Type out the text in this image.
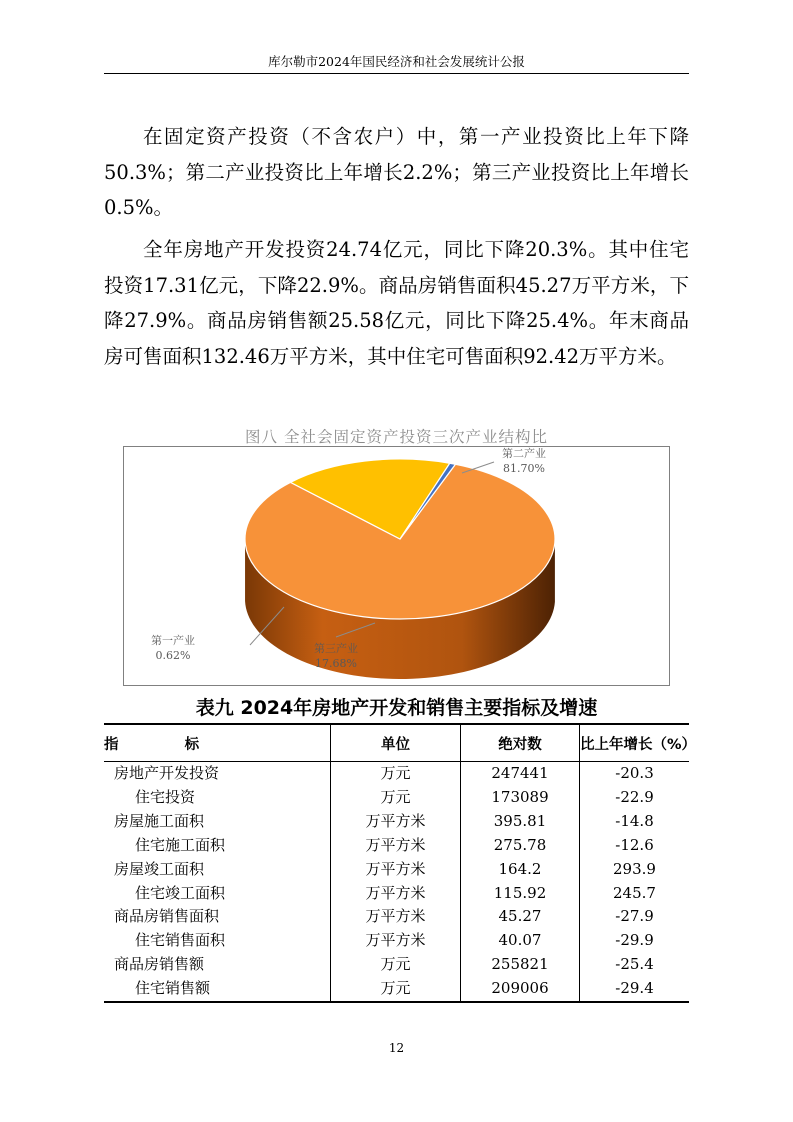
库尔勒市2024年国民经济和社会发展统计公报

在固定资产投资（不含农户）中，第一产业投资比上年下降50.3%；第二产业投资比上年增长2.2%；第三产业投资比上年增长0.5%。

全年房地产开发投资24.74亿元，同比下降20.3%。其中住宅投资17.31亿元，下降22.9%。商品房销售面积45.27万平方米，下降27.9%。商品房销售额25.58亿元，同比下降25.4%。年末商品房可售面积132.46万平方米，其中住宅可售面积92.42万平方米。

图八 全社会固定资产投资三次产业结构比
第二产业
81.70%
第三产业
17.68%
第一产业
0.62%
表九 2024年房地产开发和销售主要指标及增速
指 标	单位	绝对数	比上年增长（%）
房地产开发投资	万元	247441	-20.3
住宅投资	万元	173089	-22.9
房屋施工面积	万平方米	395.81	-14.8
住宅施工面积	万平方米	275.78	-12.6
房屋竣工面积	万平方米	164.2	293.9
住宅竣工面积	万平方米	115.92	245.7
商品房销售面积	万平方米	45.27	-27.9
住宅销售面积	万平方米	40.07	-29.9
商品房销售额	万元	255821	-25.4
住宅销售额	万元	209006	-29.4
12
